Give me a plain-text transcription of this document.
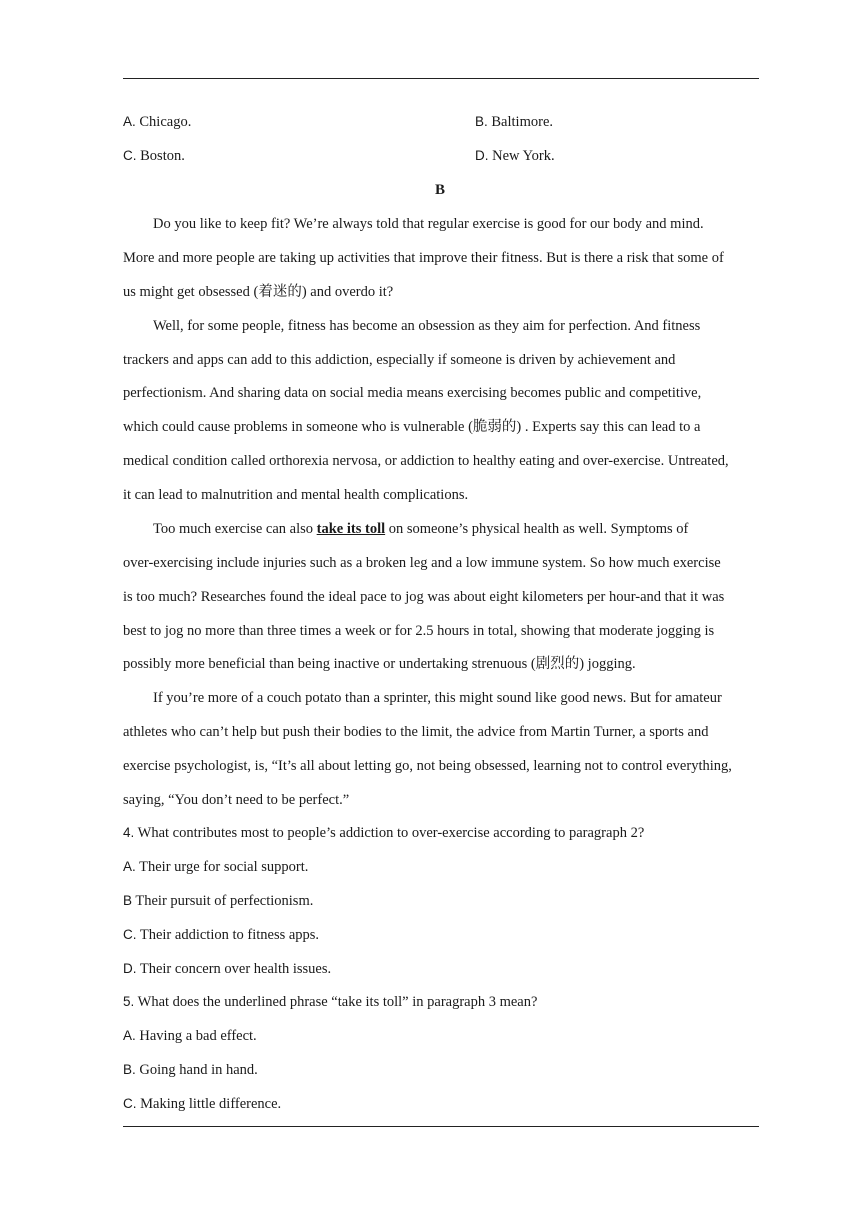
A. Chicago.	B. Baltimore.
C. Boston.	D. New York.
B
Do you like to keep fit? We’re always told that regular exercise is good for our body and mind.
More and more people are taking up activities that improve their fitness. But is there a risk that some of
us might get obsessed (着迷的) and overdo it?
Well, for some people, fitness has become an obsession as they aim for perfection. And fitness
trackers and apps can add to this addiction, especially if someone is driven by achievement and
perfectionism. And sharing data on social media means exercising becomes public and competitive,
which could cause problems in someone who is vulnerable (脆弱的) . Experts say this can lead to a
medical condition called orthorexia nervosa, or addiction to healthy eating and over-exercise. Untreated,
it can lead to malnutrition and mental health complications.
Too much exercise can also take its toll on someone’s physical health as well. Symptoms of
over-exercising include injuries such as a broken leg and a low immune system. So how much exercise
is too much? Researches found the ideal pace to jog was about eight kilometers per hour-and that it was
best to jog no more than three times a week or for 2.5 hours in total, showing that moderate jogging is
possibly more beneficial than being inactive or undertaking strenuous (剧烈的) jogging.
If you’re more of a couch potato than a sprinter, this might sound like good news. But for amateur
athletes who can’t help but push their bodies to the limit, the advice from Martin Turner, a sports and
exercise psychologist, is, “It’s all about letting go, not being obsessed, learning not to control everything,
saying, “You don’t need to be perfect.”
4. What contributes most to people’s addiction to over-exercise according to paragraph 2?
A. Their urge for social support.
B Their pursuit of perfectionism.
C. Their addiction to fitness apps.
D. Their concern over health issues.
5. What does the underlined phrase “take its toll” in paragraph 3 mean?
A. Having a bad effect.
B. Going hand in hand.
C. Making little difference.
